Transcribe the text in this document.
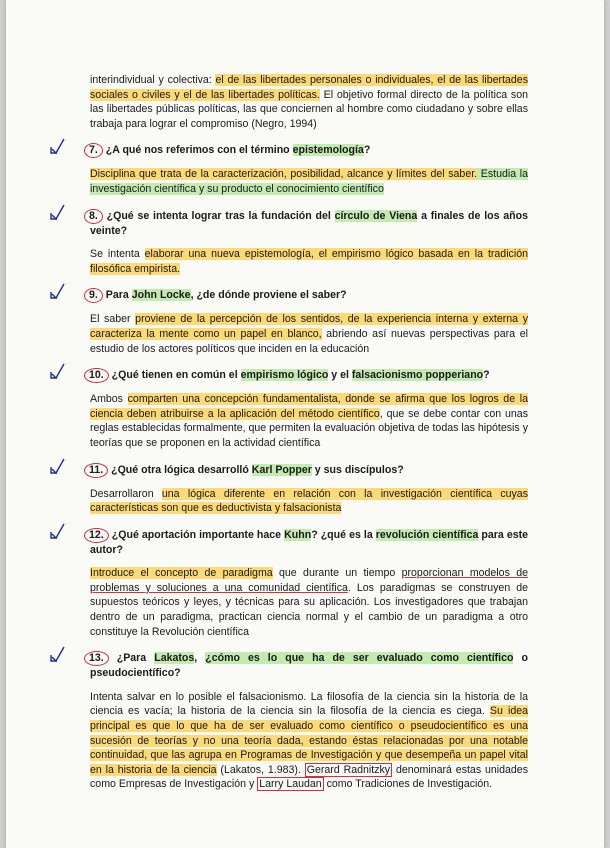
interindividual y colectiva: el de las libertades personales o individuales, el de las libertades sociales o civiles y el de las libertades políticas. El objetivo formal directo de la política son las libertades públicas políticas, las que conciernen al hombre como ciudadano y sobre ellas trabaja para lograr el compromiso (Negro, 1994)

7. ¿A qué nos referimos con el término epistemología?

Disciplina que trata de la caracterización, posibilidad, alcance y límites del saber. Estudia la investigación científica y su producto el conocimiento científico

8. ¿Qué se intenta lograr tras la fundación del círculo de Viena a finales de los años veinte?

Se intenta elaborar una nueva epistemología, el empirismo lógico basada en la tradición filosófica empirista.

9. Para John Locke, ¿de dónde proviene el saber?

El saber proviene de la percepción de los sentidos, de la experiencia interna y externa y caracteriza la mente como un papel en blanco, abriendo así nuevas perspectivas para el estudio de los actores políticos que inciden en la educación

10. ¿Qué tienen en común el empirismo lógico y el falsacionismo popperiano?

Ambos comparten una concepción fundamentalista, donde se afirma que los logros de la ciencia deben atribuirse a la aplicación del método científico, que se debe contar con unas reglas establecidas formalmente, que permiten la evaluación objetiva de todas las hipótesis y teorías que se proponen en la actividad científica

11. ¿Qué otra lógica desarrolló Karl Popper y sus discípulos?

Desarrollaron una lógica diferente en relación con la investigación científica cuyas características son que es deductivista y falsacionista

12. ¿Qué aportación importante hace Kuhn? ¿qué es la revolución científica para este autor?

Introduce el concepto de paradigma que durante un tiempo proporcionan modelos de problemas y soluciones a una comunidad científica. Los paradigmas se construyen de supuestos teóricos y leyes, y técnicas para su aplicación. Los investigadores que trabajan dentro de un paradigma, practican ciencia normal y el cambio de un paradigma a otro constituye la Revolución científica

13. ¿Para Lakatos, ¿cómo es lo que ha de ser evaluado como científico o pseudocientífico?

Intenta salvar en lo posible el falsacionismo. La filosofía de la ciencia sin la historia de la ciencia es vacía; la historia de la ciencia sin la filosofía de la ciencia es ciega. Su idea principal es que lo que ha de ser evaluado como científico o pseudocientífico es una sucesión de teorías y no una teoría dada, estando éstas relacionadas por una notable continuidad, que las agrupa en Programas de Investigación y que desempeña un papel vital en la historia de la ciencia (Lakatos, 1.983). Gerard Radnitzky denominará estas unidades como Empresas de Investigación y Larry Laudan como Tradiciones de Investigación.
